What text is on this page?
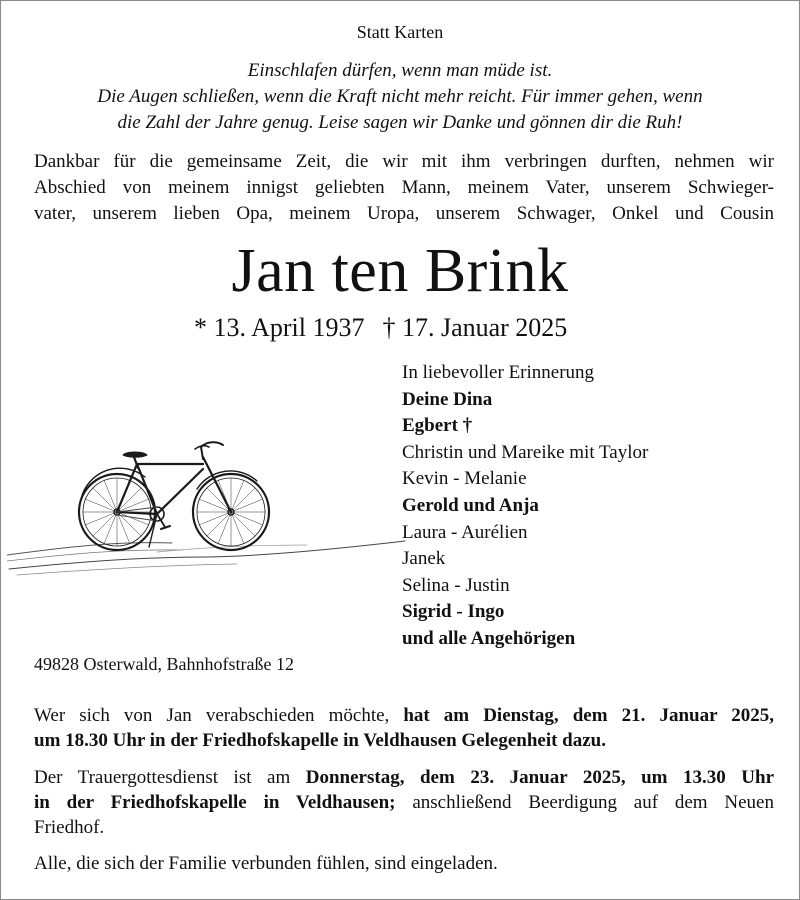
Statt Karten
Einschlafen dürfen, wenn man müde ist.
Die Augen schließen, wenn die Kraft nicht mehr reicht. Für immer gehen, wenn
die Zahl der Jahre genug. Leise sagen wir Danke und gönnen dir die Ruh!
Dankbar für die gemeinsame Zeit, die wir mit ihm verbringen durften, nehmen wir
Abschied von meinem innigst geliebten Mann, meinem Vater, unserem Schwieger-
vater, unserem lieben Opa, meinem Uropa, unserem Schwager, Onkel und Cousin
Jan ten Brink
* 13. April 1937 † 17. Januar 2025
In liebevoller Erinnerung
Deine Dina
Egbert †
Christin und Mareike mit Taylor
Kevin - Melanie
Gerold und Anja
Laura - Aurélien
Janek
Selina - Justin
Sigrid - Ingo
und alle Angehörigen
49828 Osterwald, Bahnhofstraße 12
Wer sich von Jan verabschieden möchte, hat am Dienstag, dem 21. Januar 2025,
um 18.30 Uhr in der Friedhofskapelle in Veldhausen Gelegenheit dazu.
Der Trauergottesdienst ist am Donnerstag, dem 23. Januar 2025, um 13.30 Uhr
in der Friedhofskapelle in Veldhausen; anschließend Beerdigung auf dem Neuen
Friedhof.
Alle, die sich der Familie verbunden fühlen, sind eingeladen.
